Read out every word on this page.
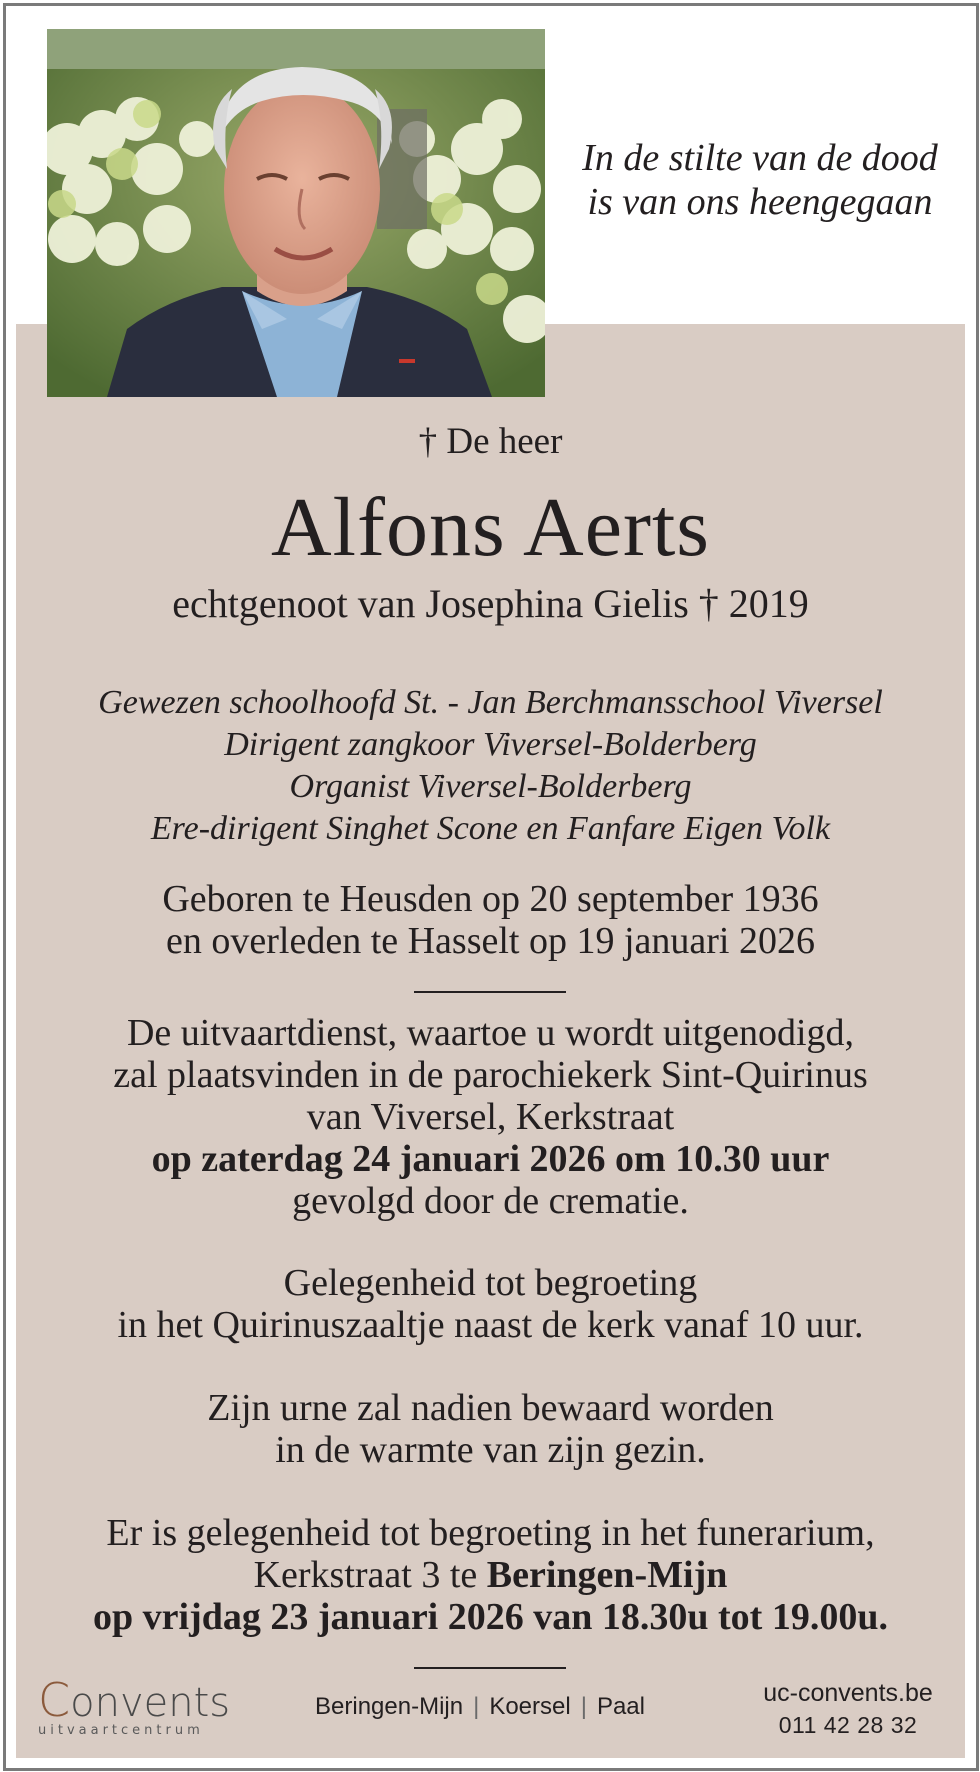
In de stilte van de dood
is van ons heengegaan
† De heer
Alfons Aerts
echtgenoot van Josephina Gielis † 2019
Gewezen schoolhoofd St. - Jan Berchmansschool Viversel
Dirigent zangkoor Viversel-Bolderberg
Organist Viversel-Bolderberg
Ere-dirigent Singhet Scone en Fanfare Eigen Volk
Geboren te Heusden op 20 september 1936
en overleden te Hasselt op 19 januari 2026
De uitvaartdienst, waartoe u wordt uitgenodigd,
zal plaatsvinden in de parochiekerk Sint-Quirinus
van Viversel, Kerkstraat
op zaterdag 24 januari 2026 om 10.30 uur
gevolgd door de crematie.
Gelegenheid tot begroeting
in het Quirinuszaaltje naast de kerk vanaf 10 uur.
Zijn urne zal nadien bewaard worden
in de warmte van zijn gezin.
Er is gelegenheid tot begroeting in het funerarium,
Kerkstraat 3 te Beringen-Mijn
op vrijdag 23 januari 2026 van 18.30u tot 19.00u.
Convents
uitvaartcentrum
Beringen-Mijn | Koersel | Paal	uc-convents.be
011 42 28 32
